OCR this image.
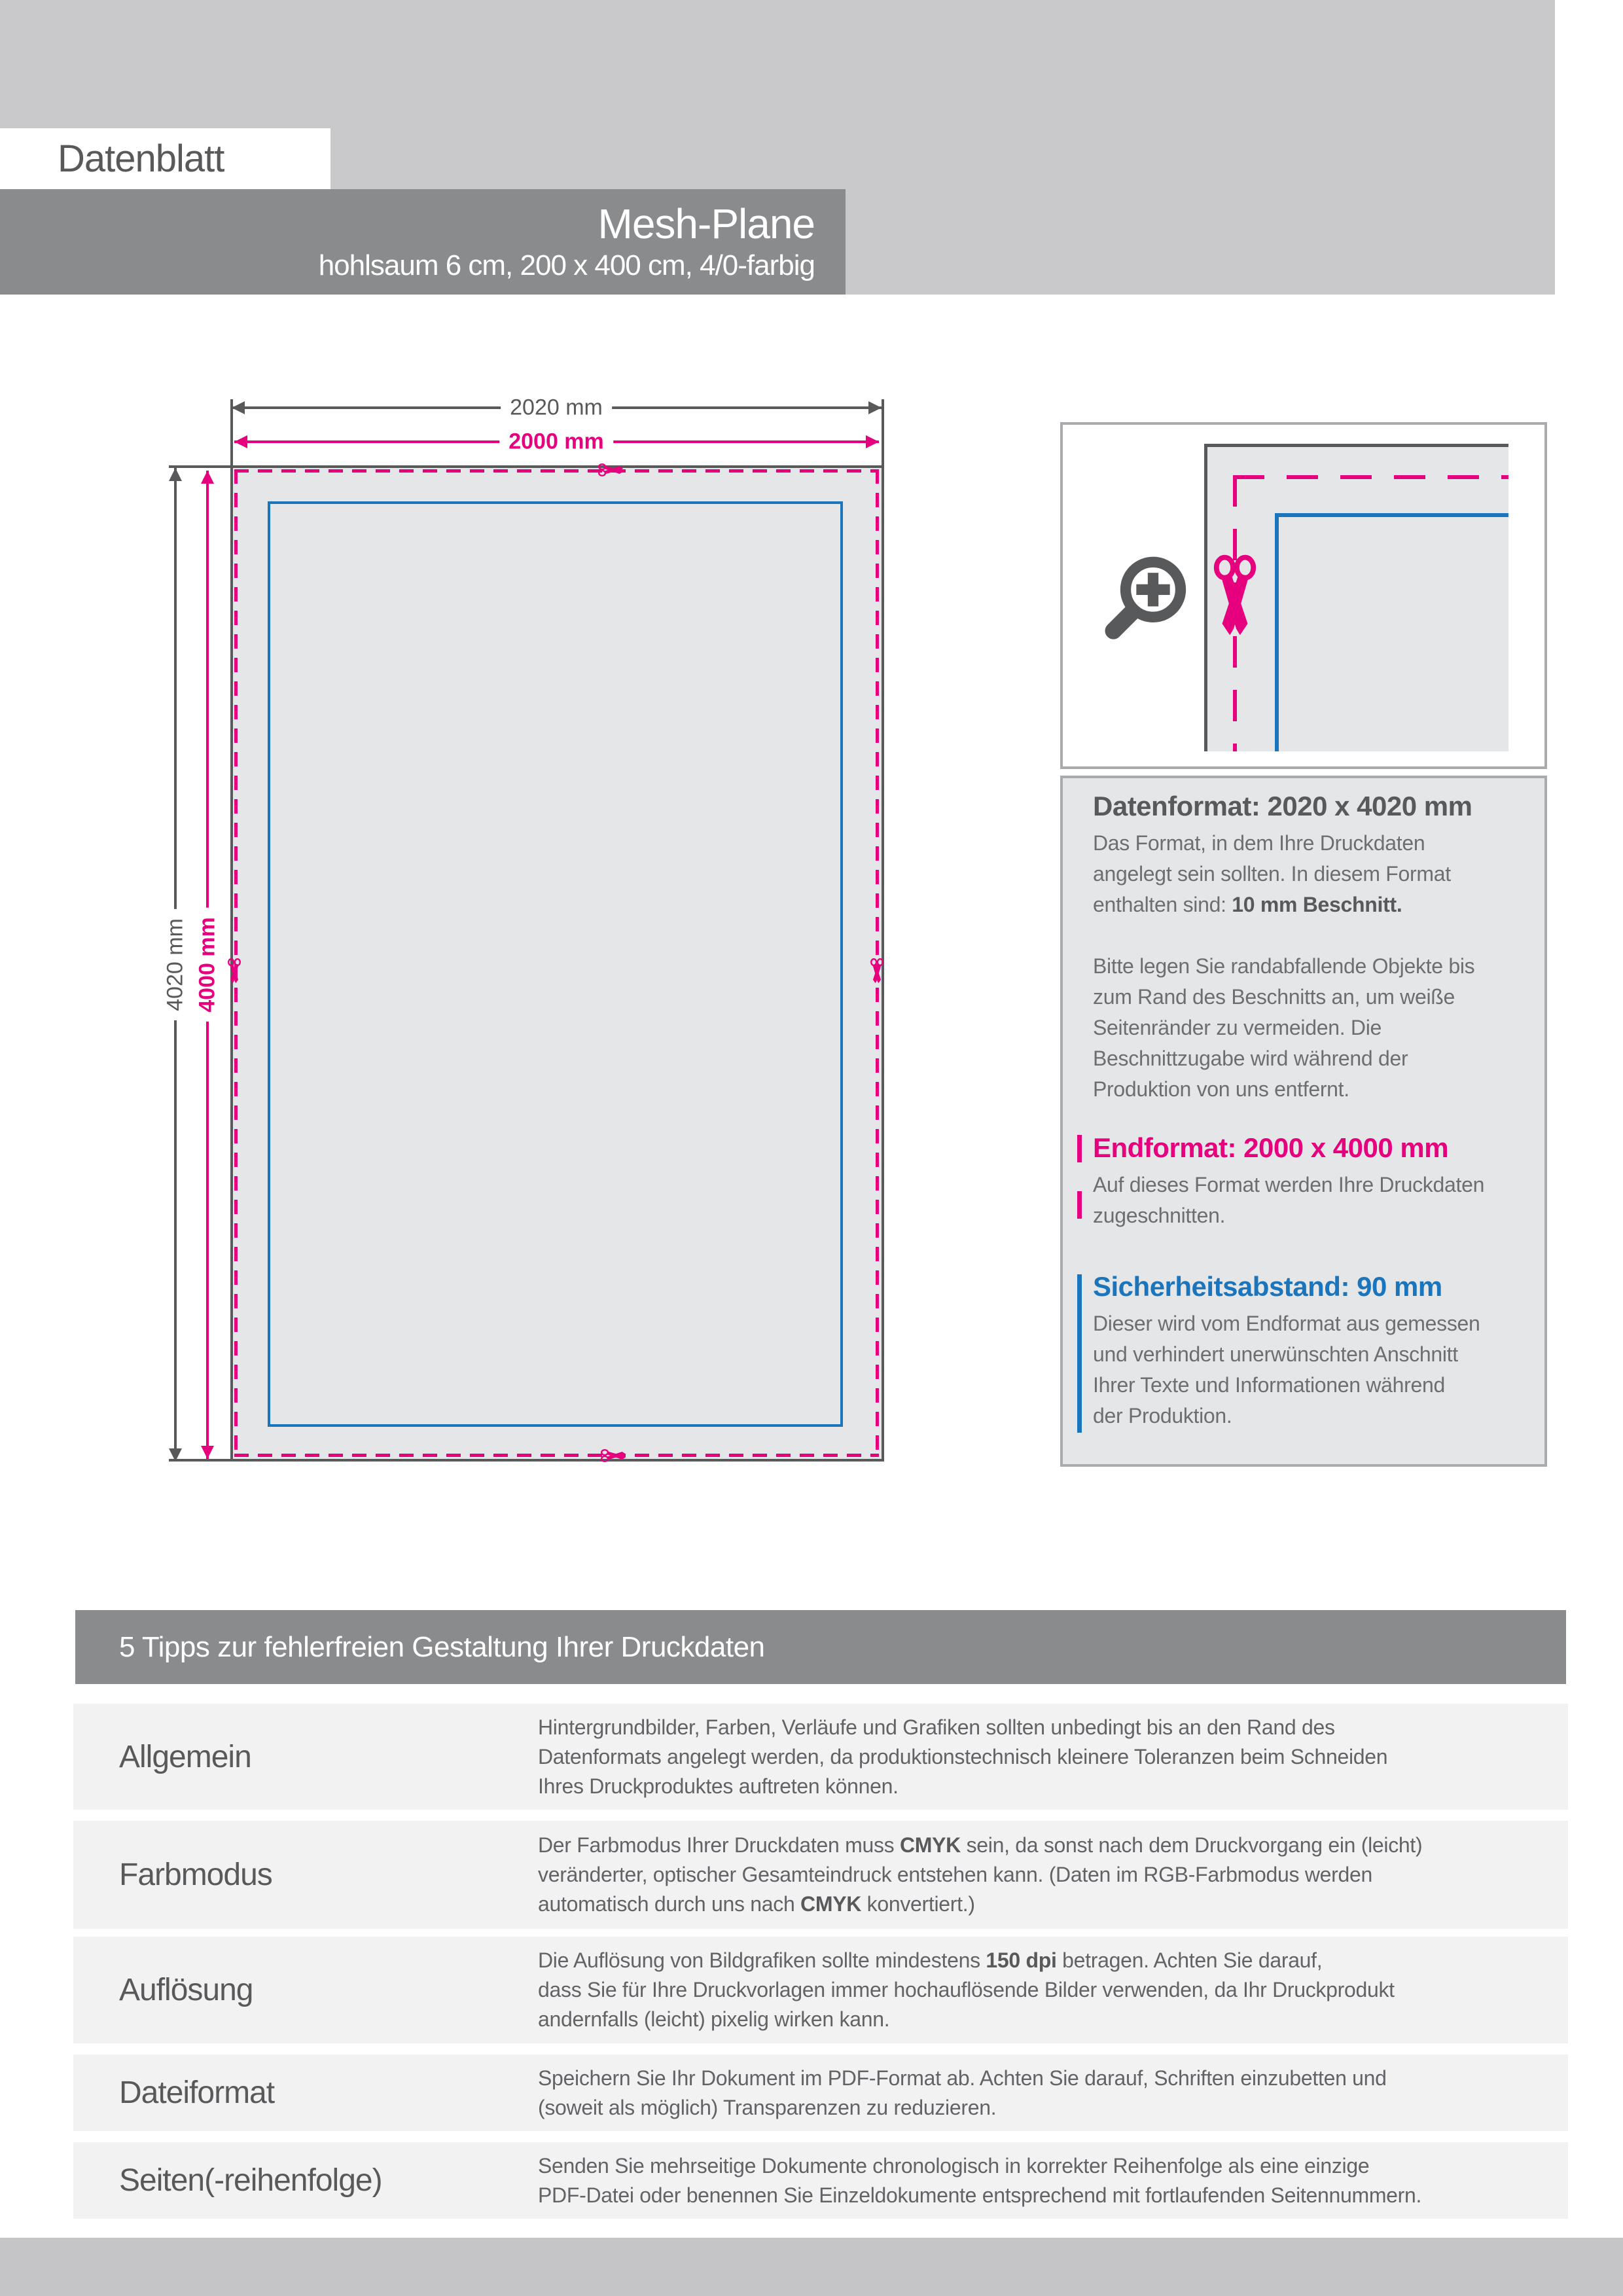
Datenblatt
Mesh-Plane
hohlsaum 6 cm, 200 x 400 cm, 4/0-farbig
2020 mm
2000 mm
4020 mm 4000 mm
Datenformat: 2020 x 4020 mm
Das Format, in dem Ihre Druckdaten
angelegt sein sollten. In diesem Format
enthalten sind: 10 mm Beschnitt.

Bitte legen Sie randabfallende Objekte bis
zum Rand des Beschnitts an, um weiße
Seitenränder zu vermeiden. Die
Beschnittzugabe wird während der
Produktion von uns entfernt.
Endformat: 2000 x 4000 mm
Auf dieses Format werden Ihre Druckdaten
zugeschnitten.
Sicherheitsabstand: 90 mm
Dieser wird vom Endformat aus gemessen
und verhindert unerwünschten Anschnitt
Ihrer Texte und Informationen während
der Produktion.
5 Tipps zur fehlerfreien Gestaltung Ihrer Druckdaten
Allgemein
Hintergrundbilder, Farben, Verläufe und Grafiken sollten unbedingt bis an den Rand des
Datenformats angelegt werden, da produktionstechnisch kleinere Toleranzen beim Schneiden
Ihres Druckproduktes auftreten können.
Farbmodus
Der Farbmodus Ihrer Druckdaten muss CMYK sein, da sonst nach dem Druckvorgang ein (leicht)
veränderter, optischer Gesamteindruck entstehen kann. (Daten im RGB-Farbmodus werden
automatisch durch uns nach CMYK konvertiert.)
Auflösung
Die Auflösung von Bildgrafiken sollte mindestens 150 dpi betragen. Achten Sie darauf,
dass Sie für Ihre Druckvorlagen immer hochauflösende Bilder verwenden, da Ihr Druckprodukt
andernfalls (leicht) pixelig wirken kann.
Dateiformat	Speichern Sie Ihr Dokument im PDF-Format ab. Achten Sie darauf, Schriften einzubetten und
(soweit als möglich) Transparenzen zu reduzieren.
Seiten(-reihenfolge)	Senden Sie mehrseitige Dokumente chronologisch in korrekter Reihenfolge als eine einzige
PDF-Datei oder benennen Sie Einzeldokumente entsprechend mit fortlaufenden Seitennummern.
